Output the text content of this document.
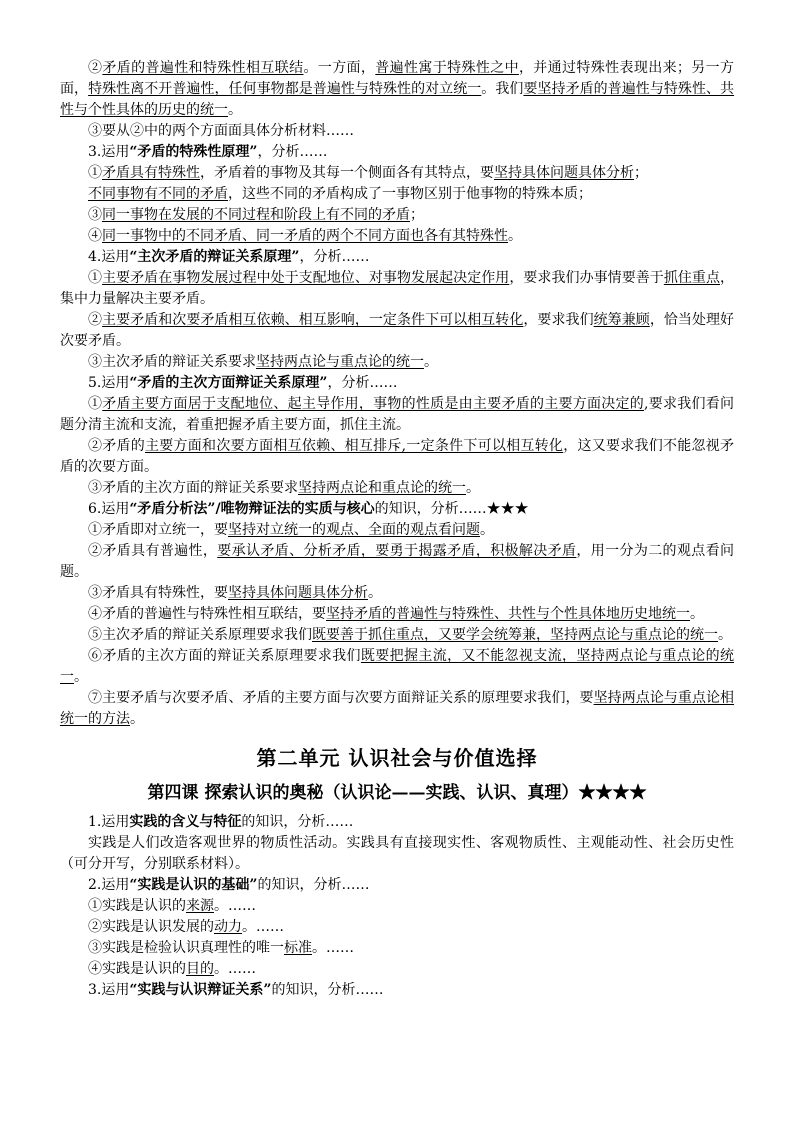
②矛盾的普遍性和特殊性相互联结。一方面，普遍性寓于特殊性之中，并通过特殊性表现出来；另一方面，特殊性离不开普遍性，任何事物都是普遍性与特殊性的对立统一。我们要坚持矛盾的普遍性与特殊性、共性与个性具体的历史的统一。

③要从②中的两个方面面具体分析材料……

3.运用“矛盾的特殊性原理”，分析……

①矛盾具有特殊性，矛盾着的事物及其每一个侧面各有其特点，要坚持具体问题具体分析；

不同事物有不同的矛盾，这些不同的矛盾构成了一事物区别于他事物的特殊本质；

③同一事物在发展的不同过程和阶段上有不同的矛盾；

④同一事物中的不同矛盾、同一矛盾的两个不同方面也各有其特殊性。

4.运用“主次矛盾的辩证关系原理”，分析……

①主要矛盾在事物发展过程中处于支配地位、对事物发展起决定作用，要求我们办事情要善于抓住重点，集中力量解决主要矛盾。

②主要矛盾和次要矛盾相互依赖、相互影响，一定条件下可以相互转化，要求我们统筹兼顾，恰当处理好次要矛盾。

③主次矛盾的辩证关系要求坚持两点论与重点论的统一。

5.运用“矛盾的主次方面辩证关系原理”，分析……

①矛盾主要方面居于支配地位、起主导作用，事物的性质是由主要矛盾的主要方面决定的,要求我们看问题分清主流和支流，着重把握矛盾主要方面，抓住主流。

②矛盾的主要方面和次要方面相互依赖、相互排斥,一定条件下可以相互转化，这又要求我们不能忽视矛盾的次要方面。

③矛盾的主次方面的辩证关系要求坚持两点论和重点论的统一。

6.运用“矛盾分析法”/唯物辩证法的实质与核心的知识，分析……★★★

①矛盾即对立统一，要坚持对立统一的观点、全面的观点看问题。

②矛盾具有普遍性，要承认矛盾、分析矛盾，要勇于揭露矛盾，积极解决矛盾，用一分为二的观点看问题。

③矛盾具有特殊性，要坚持具体问题具体分析。

④矛盾的普遍性与特殊性相互联结，要坚持矛盾的普遍性与特殊性、共性与个性具体地历史地统一。

⑤主次矛盾的辩证关系原理要求我们既要善于抓住重点，又要学会统筹兼，坚持两点论与重点论的统一。

⑥矛盾的主次方面的辩证关系原理要求我们既要把握主流，又不能忽视支流，坚持两点论与重点论的统一。

⑦主要矛盾与次要矛盾、矛盾的主要方面与次要方面辩证关系的原理要求我们，要坚持两点论与重点论相统一的方法。

第二单元 认识社会与价值选择
第四课 探索认识的奥秘（认识论——实践、认识、真理）★★★★

1.运用实践的含义与特征的知识，分析……

实践是人们改造客观世界的物质性活动。实践具有直接现实性、客观物质性、主观能动性、社会历史性（可分开写，分别联系材料）。

2.运用“实践是认识的基础”的知识，分析……

①实践是认识的来源。……

②实践是认识发展的动力。……

③实践是检验认识真理性的唯一标准。……

④实践是认识的目的。……

3.运用“实践与认识辩证关系”的知识，分析……
